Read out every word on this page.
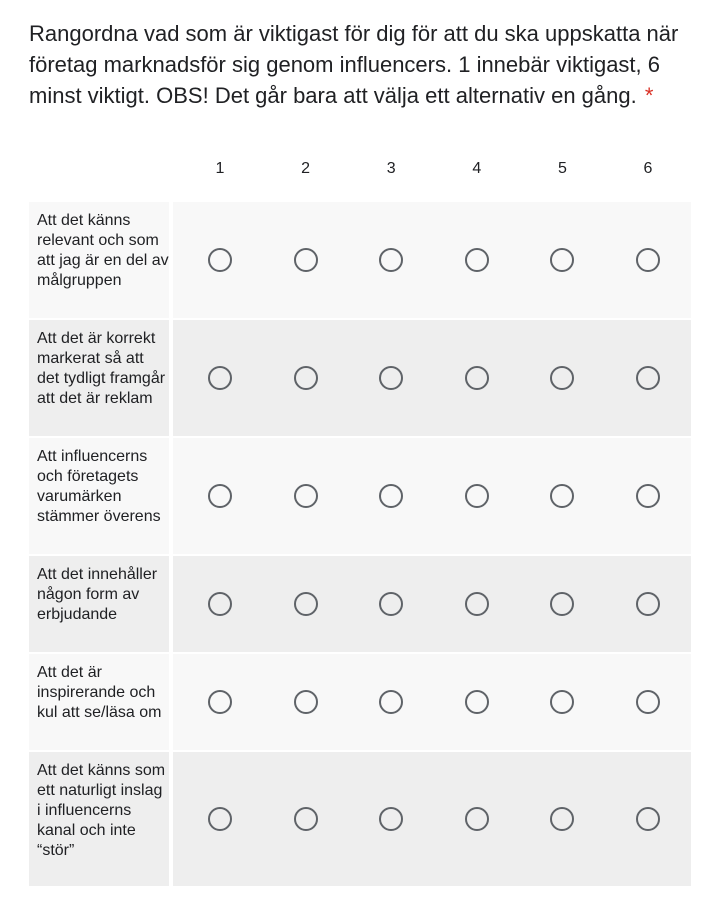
Rangordna vad som är viktigast för dig för att du ska uppskatta när företag marknadsför sig genom influencers. 1 innebär viktigast, 6 minst viktigt. OBS! Det går bara att välja ett alternativ en gång. *
1	2	3	4	5	6
Att det känns relevant och som att jag är en del av målgruppen
Att det är korrekt markerat så att det tydligt framgår att det är reklam
Att influencerns och företagets varumärken stämmer överens
Att det innehåller någon form av erbjudande
Att det är inspirerande och kul att se/läsa om
Att det känns som ett naturligt inslag i influencerns kanal och inte “stör”
